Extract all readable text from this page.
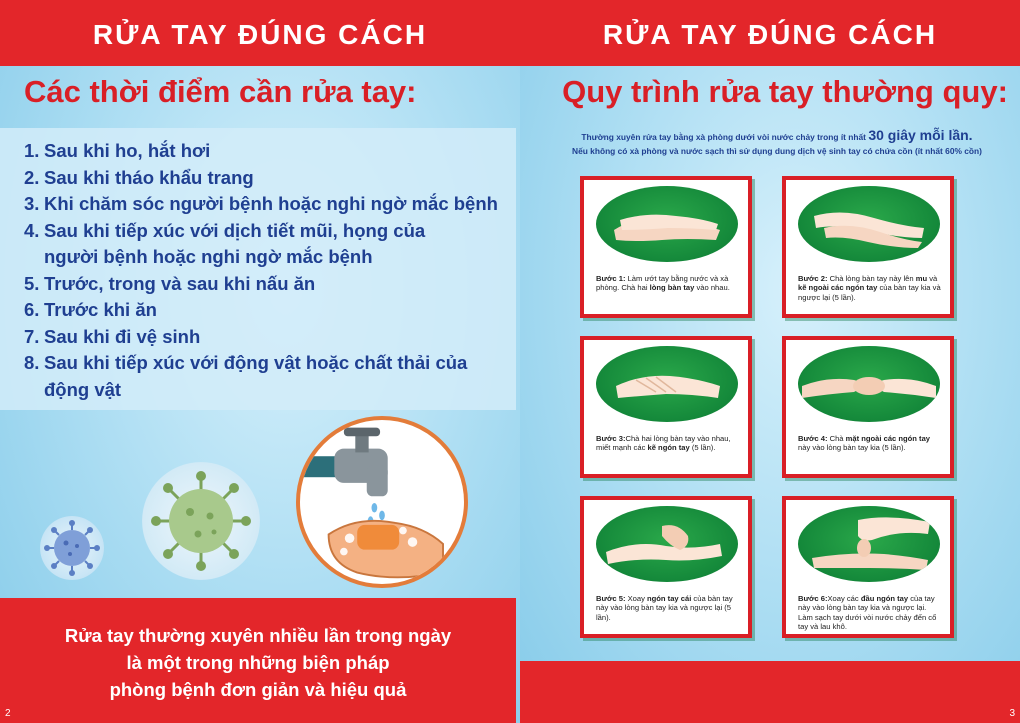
RỬA TAY ĐÚNG CÁCH
Các thời điểm cần rửa tay:
1. Sau khi ho, hắt hơi
2. Sau khi tháo khẩu trang
3. Khi chăm sóc người bệnh hoặc nghi ngờ mắc bệnh
4. Sau khi tiếp xúc với dịch tiết mũi, họng của người bệnh hoặc nghi ngờ mắc bệnh
5. Trước, trong và sau khi nấu ăn
6. Trước khi ăn
7. Sau khi đi vệ sinh
8. Sau khi tiếp xúc với động vật hoặc chất thải của động vật
Rửa tay thường xuyên nhiều lần trong ngày
là một trong những biện pháp
phòng bệnh đơn giản và hiệu quả
2
RỬA TAY ĐÚNG CÁCH
Quy trình rửa tay thường quy:
Thường xuyên rửa tay bằng xà phòng dưới vòi nước chảy trong ít nhất 30 giây mỗi lần.
Nếu không có xà phòng và nước sạch thì sử dụng dung dịch vệ sinh tay có chứa cồn (ít nhất 60% cồn)
Bước 1: Làm ướt tay bằng nước và xà phòng. Chà hai lòng bàn tay vào nhau.
Bước 2: Chà lòng bàn tay này lên mu và kẽ ngoài các ngón tay của bàn tay kia và ngược lại (5 lần).
Bước 3:Chà hai lòng bàn tay vào nhau, miết mạnh các kẽ ngón tay (5 lần).
Bước 4: Chà mặt ngoài các ngón tay này vào lòng bàn tay kia (5 lần).
Bước 5: Xoay ngón tay cái của bàn tay này vào lòng bàn tay kia và ngược lại (5 lần).
Bước 6:Xoay các đầu ngón tay của tay này vào lòng bàn tay kia và ngược lại. Làm sạch tay dưới vòi nước chảy đến cổ tay và lau khô.
3
